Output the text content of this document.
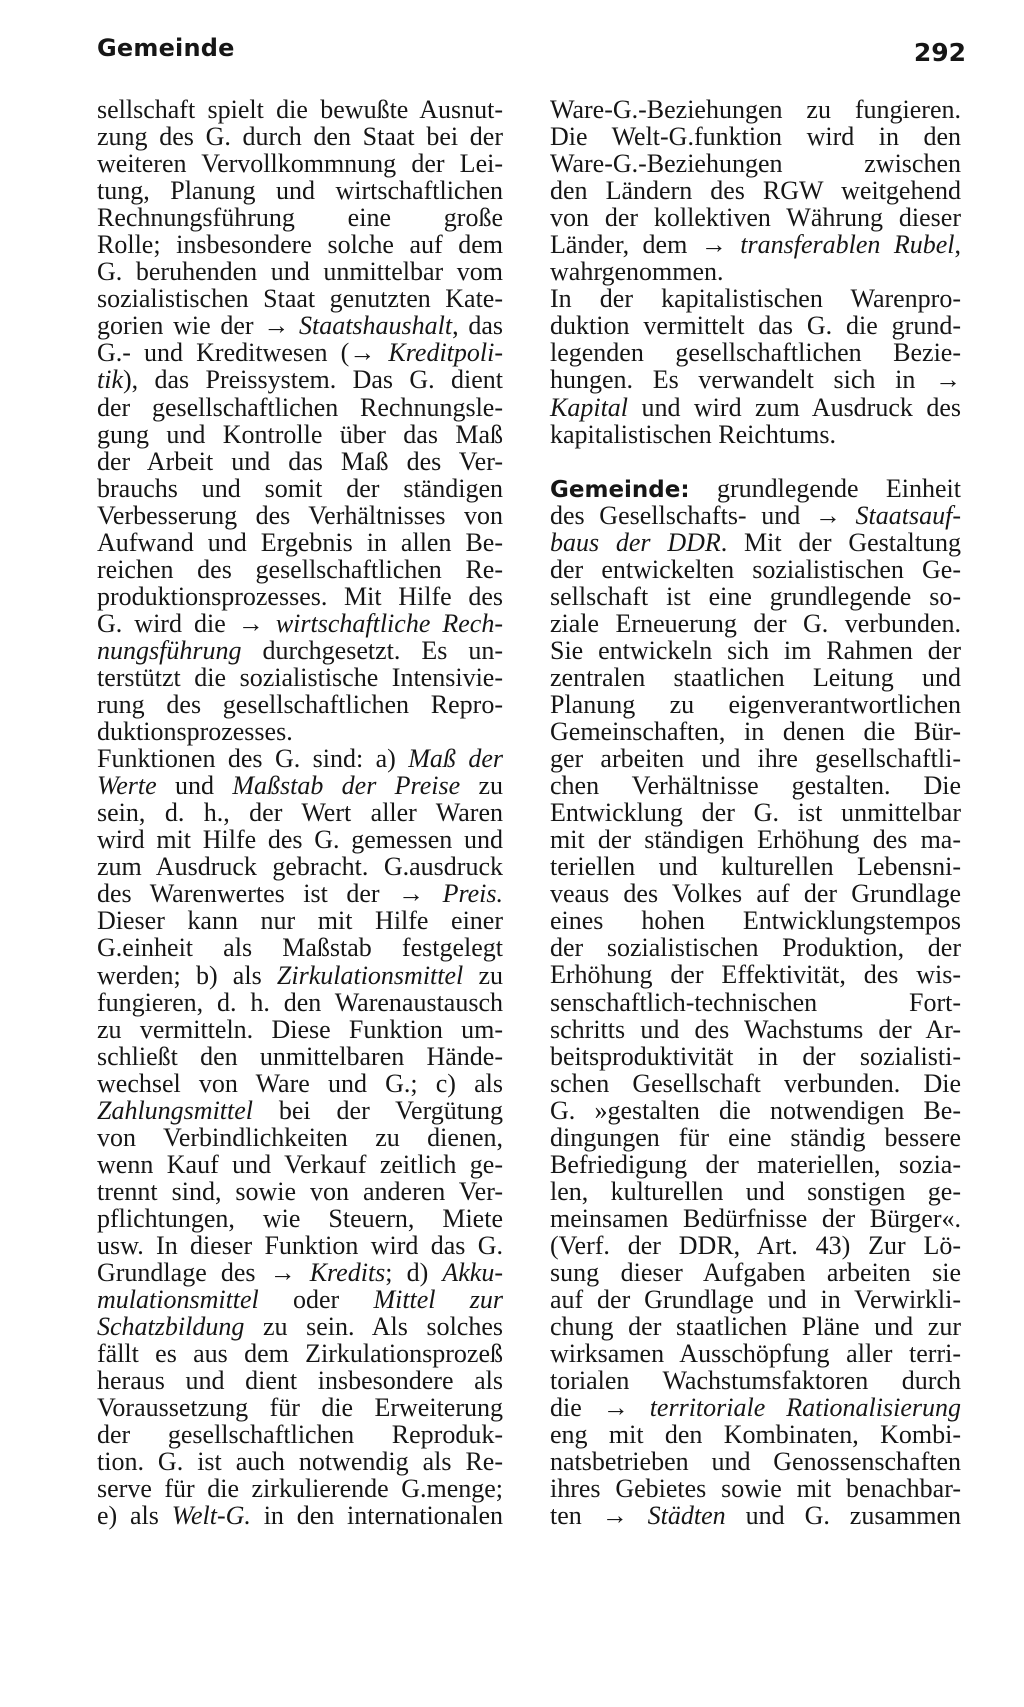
Gemeinde	292
sellschaft spielt die bewußte Ausnut-
zung des G. durch den Staat bei der
weiteren Vervollkommnung der Lei-
tung, Planung und wirtschaftlichen
Rechnungsführung eine große
Rolle; insbesondere solche auf dem
G. beruhenden und unmittelbar vom
sozialistischen Staat genutzten Kate-
gorien wie der → Staatshaushalt, das
G.- und Kreditwesen (→ Kreditpoli-
tik), das Preissystem. Das G. dient
der gesellschaftlichen Rechnungsle-
gung und Kontrolle über das Maß
der Arbeit und das Maß des Ver-
brauchs und somit der ständigen
Verbesserung des Verhältnisses von
Aufwand und Ergebnis in allen Be-
reichen des gesellschaftlichen Re-
produktionsprozesses. Mit Hilfe des
G. wird die → wirtschaftliche Rech-
nungsführung durchgesetzt. Es un-
terstützt die sozialistische Intensivie-
rung des gesellschaftlichen Repro-
duktionsprozesses.
Funktionen des G. sind: a) Maß der
Werte und Maßstab der Preise zu
sein, d. h., der Wert aller Waren
wird mit Hilfe des G. gemessen und
zum Ausdruck gebracht. G.ausdruck
des Warenwertes ist der → Preis.
Dieser kann nur mit Hilfe einer
G.einheit als Maßstab festgelegt
werden; b) als Zirkulationsmittel zu
fungieren, d. h. den Warenaustausch
zu vermitteln. Diese Funktion um-
schließt den unmittelbaren Hände-
wechsel von Ware und G.; c) als
Zahlungsmittel bei der Vergütung
von Verbindlichkeiten zu dienen,
wenn Kauf und Verkauf zeitlich ge-
trennt sind, sowie von anderen Ver-
pflichtungen, wie Steuern, Miete
usw. In dieser Funktion wird das G.
Grundlage des → Kredits; d) Akku-
mulationsmittel oder Mittel zur
Schatzbildung zu sein. Als solches
fällt es aus dem Zirkulationsprozeß
heraus und dient insbesondere als
Voraussetzung für die Erweiterung
der gesellschaftlichen Reproduk-
tion. G. ist auch notwendig als Re-
serve für die zirkulierende G.menge;
e) als Welt-G. in den internationalen
Ware-G.-Beziehungen zu fungieren.
Die Welt-G.funktion wird in den
Ware-G.-Beziehungen zwischen
den Ländern des RGW weitgehend
von der kollektiven Währung dieser
Länder, dem → transferablen Rubel,
wahrgenommen.
In der kapitalistischen Warenpro-
duktion vermittelt das G. die grund-
legenden gesellschaftlichen Bezie-
hungen. Es verwandelt sich in →
Kapital und wird zum Ausdruck des
kapitalistischen Reichtums.
Gemeinde: grundlegende Einheit
des Gesellschafts- und → Staatsauf-
baus der DDR. Mit der Gestaltung
der entwickelten sozialistischen Ge-
sellschaft ist eine grundlegende so-
ziale Erneuerung der G. verbunden.
Sie entwickeln sich im Rahmen der
zentralen staatlichen Leitung und
Planung zu eigenverantwortlichen
Gemeinschaften, in denen die Bür-
ger arbeiten und ihre gesellschaftli-
chen Verhältnisse gestalten. Die
Entwicklung der G. ist unmittelbar
mit der ständigen Erhöhung des ma-
teriellen und kulturellen Lebensni-
veaus des Volkes auf der Grundlage
eines hohen Entwicklungstempos
der sozialistischen Produktion, der
Erhöhung der Effektivität, des wis-
senschaftlich-technischen Fort-
schritts und des Wachstums der Ar-
beitsproduktivität in der sozialisti-
schen Gesellschaft verbunden. Die
G. »gestalten die notwendigen Be-
dingungen für eine ständig bessere
Befriedigung der materiellen, sozia-
len, kulturellen und sonstigen ge-
meinsamen Bedürfnisse der Bürger«.
(Verf. der DDR, Art. 43) Zur Lö-
sung dieser Aufgaben arbeiten sie
auf der Grundlage und in Verwirkli-
chung der staatlichen Pläne und zur
wirksamen Ausschöpfung aller terri-
torialen Wachstumsfaktoren durch
die → territoriale Rationalisierung
eng mit den Kombinaten, Kombi-
natsbetrieben und Genossenschaften
ihres Gebietes sowie mit benachbar-
ten → Städten und G. zusammen
